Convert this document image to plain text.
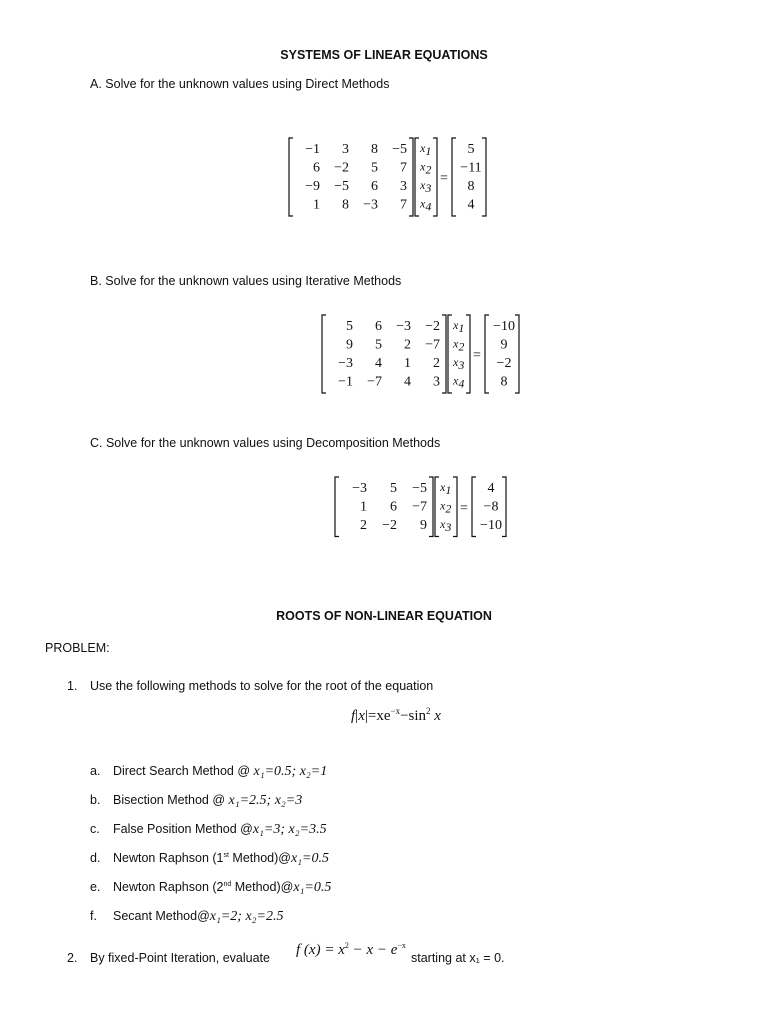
SYSTEMS OF LINEAR EQUATIONS
A. Solve for the unknown values using Direct Methods
−1 3 8 −5
6 −2 5 7
−9 −5 6 3
1 8 −3 7
x1
x2
x3
x4
=
5
−11
8
4
B. Solve for the unknown values using Iterative Methods
5 6 −3 −2
9 5 2 −7
−3 4 1 2
−1 −7 4 3
x1
x2
x3
x4
=
−10
9
−2
8
C. Solve for the unknown values using Decomposition Methods
−3 5 −5
1 6 −7
2 −2 9
x1
x2
x3
=
4
−8
−10
ROOTS OF NON-LINEAR EQUATION
PROBLEM:
1. Use the following methods to solve for the root of the equation
$f|x|=xe^{-x}-\sin^2$ x
a. Direct Search Method @ x₁=0.5; x₂=1
b. Bisection Method @ x₁=2.5; x₂=3
c. False Position Method @x₁=3; x₂=3.5
d. Newton Raphson (1st Method)@x₁=0.5
e. Newton Raphson (2nd Method)@x₁=0.5
f. Secant Method@x₁=2; x₂=2.5
2. By fixed-Point Iteration, evaluate f $(x) = x^2 - x - e^{-x}$
starting at x₁ = 0.
